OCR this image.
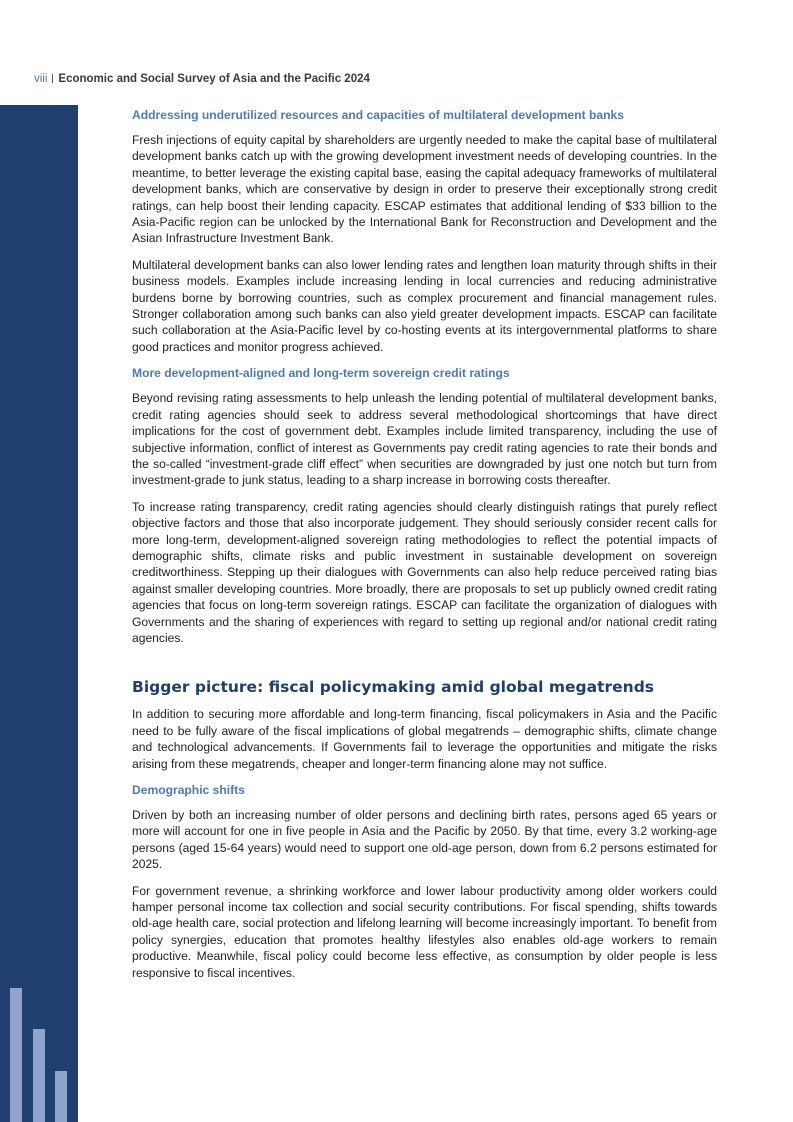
viii Economic and Social Survey of Asia and the Pacific 2024
Addressing underutilized resources and capacities of multilateral development banks

Fresh injections of equity capital by shareholders are urgently needed to make the capital base of multilateral development banks catch up with the growing development investment needs of developing countries. In the meantime, to better leverage the existing capital base, easing the capital adequacy frameworks of multilateral development banks, which are conservative by design in order to preserve their exceptionally strong credit ratings, can help boost their lending capacity. ESCAP estimates that additional lending of $33 billion to the Asia-Pacific region can be unlocked by the International Bank for Reconstruction and Development and the Asian Infrastructure Investment Bank.

Multilateral development banks can also lower lending rates and lengthen loan maturity through shifts in their business models. Examples include increasing lending in local currencies and reducing administrative burdens borne by borrowing countries, such as complex procurement and financial management rules. Stronger collaboration among such banks can also yield greater development impacts. ESCAP can facilitate such collaboration at the Asia-Pacific level by co-hosting events at its intergovernmental platforms to share good practices and monitor progress achieved.

More development-aligned and long-term sovereign credit ratings

Beyond revising rating assessments to help unleash the lending potential of multilateral development banks, credit rating agencies should seek to address several methodological shortcomings that have direct implications for the cost of government debt. Examples include limited transparency, including the use of subjective information, conflict of interest as Governments pay credit rating agencies to rate their bonds and the so-called “investment-grade cliff effect” when securities are downgraded by just one notch but turn from investment-grade to junk status, leading to a sharp increase in borrowing costs thereafter.

To increase rating transparency, credit rating agencies should clearly distinguish ratings that purely reflect objective factors and those that also incorporate judgement. They should seriously consider recent calls for more long-term, development-aligned sovereign rating methodologies to reflect the potential impacts of demographic shifts, climate risks and public investment in sustainable development on sovereign creditworthiness. Stepping up their dialogues with Governments can also help reduce perceived rating bias against smaller developing countries. More broadly, there are proposals to set up publicly owned credit rating agencies that focus on long-term sovereign ratings. ESCAP can facilitate the organization of dialogues with Governments and the sharing of experiences with regard to setting up regional and/or national credit rating agencies.

Bigger picture: fiscal policymaking amid global megatrends

In addition to securing more affordable and long-term financing, fiscal policymakers in Asia and the Pacific need to be fully aware of the fiscal implications of global megatrends – demographic shifts, climate change and technological advancements. If Governments fail to leverage the opportunities and mitigate the risks arising from these megatrends, cheaper and longer-term financing alone may not suffice.

Demographic shifts

Driven by both an increasing number of older persons and declining birth rates, persons aged 65 years or more will account for one in five people in Asia and the Pacific by 2050. By that time, every 3.2 working-age persons (aged 15-64 years) would need to support one old-age person, down from 6.2 persons estimated for 2025.

For government revenue, a shrinking workforce and lower labour productivity among older workers could hamper personal income tax collection and social security contributions. For fiscal spending, shifts towards old-age health care, social protection and lifelong learning will become increasingly important. To benefit from policy synergies, education that promotes healthy lifestyles also enables old-age workers to remain productive. Meanwhile, fiscal policy could become less effective, as consumption by older people is less responsive to fiscal incentives.
